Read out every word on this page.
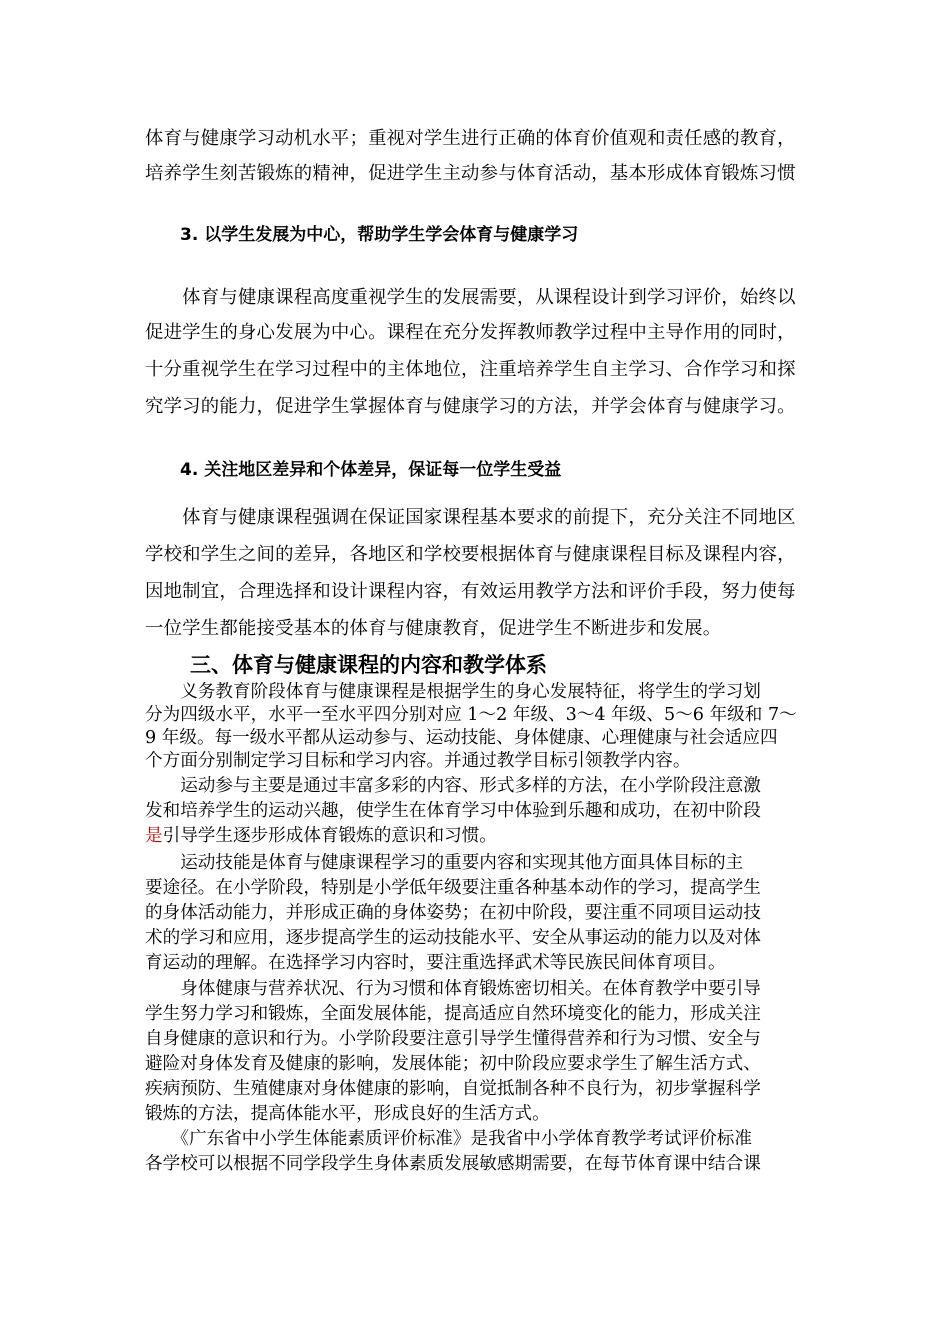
体育与健康学习动机水平；重视对学生进行正确的体育价值观和责任感的教育，
培养学生刻苦锻炼的精神，促进学生主动参与体育活动，基本形成体育锻炼习惯
3. 以学生发展为中心，帮助学生学会体育与健康学习
　　体育与健康课程高度重视学生的发展需要，从课程设计到学习评价，始终以
促进学生的身心发展为中心。课程在充分发挥教师教学过程中主导作用的同时，
十分重视学生在学习过程中的主体地位，注重培养学生自主学习、合作学习和探
究学习的能力，促进学生掌握体育与健康学习的方法，并学会体育与健康学习。
4. 关注地区差异和个体差异，保证每一位学生受益
　　体育与健康课程强调在保证国家课程基本要求的前提下，充分关注不同地区
学校和学生之间的差异，各地区和学校要根据体育与健康课程目标及课程内容，
因地制宜，合理选择和设计课程内容，有效运用教学方法和评价手段，努力使每
一位学生都能接受基本的体育与健康教育，促进学生不断进步和发展。
三、体育与健康课程的内容和教学体系
　　义务教育阶段体育与健康课程是根据学生的身心发展特征，将学生的学习划
分为四级水平，水平一至水平四分别对应 1～2 年级、3～4 年级、5～6 年级和 7～
9 年级。每一级水平都从运动参与、运动技能、身体健康、心理健康与社会适应四
个方面分别制定学习目标和学习内容。并通过教学目标引领教学内容。
　　运动参与主要是通过丰富多彩的内容、形式多样的方法，在小学阶段注意激
发和培养学生的运动兴趣，使学生在体育学习中体验到乐趣和成功，在初中阶段
是引导学生逐步形成体育锻炼的意识和习惯。
　　运动技能是体育与健康课程学习的重要内容和实现其他方面具体目标的主
要途径。在小学阶段，特别是小学低年级要注重各种基本动作的学习，提高学生
的身体活动能力，并形成正确的身体姿势；在初中阶段，要注重不同项目运动技
术的学习和应用，逐步提高学生的运动技能水平、安全从事运动的能力以及对体
育运动的理解。在选择学习内容时，要注重选择武术等民族民间体育项目。
　　身体健康与营养状况、行为习惯和体育锻炼密切相关。在体育教学中要引导
学生努力学习和锻炼，全面发展体能，提高适应自然环境变化的能力，形成关注
自身健康的意识和行为。小学阶段要注意引导学生懂得营养和行为习惯、安全与
避险对身体发育及健康的影响，发展体能；初中阶段应要求学生了解生活方式、
疾病预防、生殖健康对身体健康的影响，自觉抵制各种不良行为，初步掌握科学
锻炼的方法，提高体能水平，形成良好的生活方式。
　　《广东省中小学生体能素质评价标准》是我省中小学体育教学考试评价标准
各学校可以根据不同学段学生身体素质发展敏感期需要，在每节体育课中结合课
